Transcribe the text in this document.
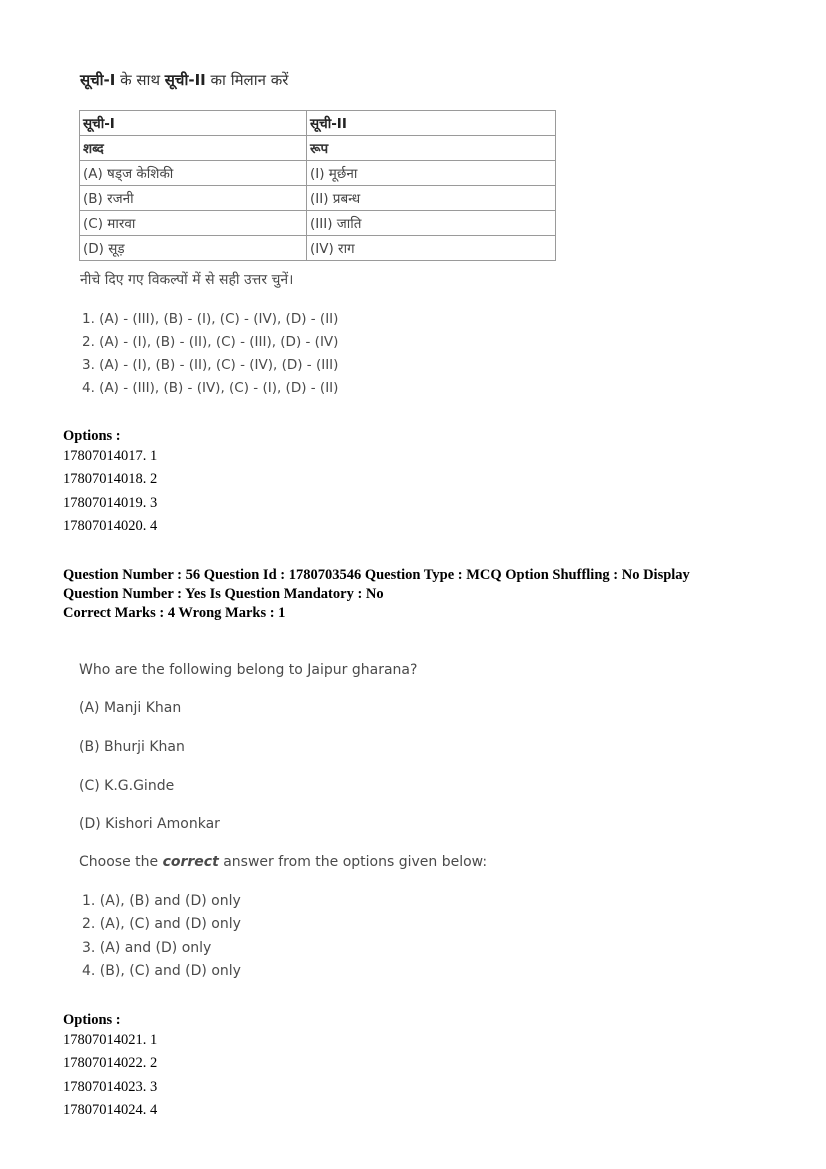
सूची-I के साथ सूची-II का मिलान करें
सूची-I	सूची-II
शब्द	रूप
(A) षड्ज केशिकी	(I) मूर्छना
(B) रजनी	(II) प्रबन्ध
(C) मारवा	(III) जाति
(D) सूड़	(IV) राग
नीचे दिए गए विकल्पों में से सही उत्तर चुनें।
1. (A) - (III), (B) - (I), (C) - (IV), (D) - (II)
2. (A) - (I), (B) - (II), (C) - (III), (D) - (IV)
3. (A) - (I), (B) - (II), (C) - (IV), (D) - (III)
4. (A) - (III), (B) - (IV), (C) - (I), (D) - (II)
Options :
17807014017. 1
17807014018. 2
17807014019. 3
17807014020. 4
Question Number : 56 Question Id : 1780703546 Question Type : MCQ Option Shuffling : No Display
Question Number : Yes Is Question Mandatory : No
Correct Marks : 4 Wrong Marks : 1
Who are the following belong to Jaipur gharana?
(A) Manji Khan
(B) Bhurji Khan
(C) K.G.Ginde
(D) Kishori Amonkar
Choose the correct answer from the options given below:
1. (A), (B) and (D) only
2. (A), (C) and (D) only
3. (A) and (D) only
4. (B), (C) and (D) only
Options :
17807014021. 1
17807014022. 2
17807014023. 3
17807014024. 4
